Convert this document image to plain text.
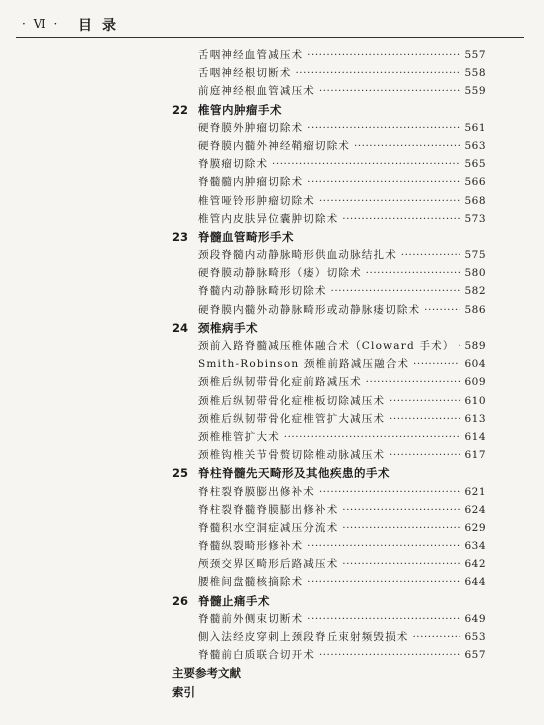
· Ⅵ · 目录
舌咽神经血管减压术 ·····	557
舌咽神经根切断术 ·····	558
前庭神经根血管减压术 ·····	559
22 椎管内肿瘤手术
硬脊膜外肿瘤切除术 ·····	561
硬脊膜内髓外神经鞘瘤切除术 ·····	563
脊膜瘤切除术 ·····	565
脊髓髓内肿瘤切除术 ·····	566
椎管哑铃形肿瘤切除术 ·····	568
椎管内皮肤异位囊肿切除术 ·····	573
23 脊髓血管畸形手术
颈段脊髓内动静脉畸形供血动脉结扎术 ·····	575
硬脊膜动静脉畸形（瘘）切除术 ·····	580
脊髓内动静脉畸形切除术 ·····	582
硬脊膜内髓外动静脉畸形或动静脉瘘切除术 ·····	586
24 颈椎病手术
颈前入路脊髓减压椎体融合术（Cloward 手术） ····· 589
Smith-Robinson 颈椎前路减压融合术 ·····	604
颈椎后纵韧带骨化症前路减压术 ·····	609
颈椎后纵韧带骨化症椎板切除减压术 ·····	610
颈椎后纵韧带骨化症椎管扩大减压术 ·····	613
颈椎椎管扩大术 ·····	614
颈椎钩椎关节骨赘切除椎动脉减压术 ·····	617
25 脊柱脊髓先天畸形及其他疾患的手术
脊柱裂脊膜膨出修补术 ·····	621
脊柱裂脊髓脊膜膨出修补术 ·····	624
脊髓积水空洞症减压分流术 ·····	629
脊髓纵裂畸形修补术 ·····	634
颅颈交界区畸形后路减压术 ·····	642
腰椎间盘髓核摘除术 ·····	644
26 脊髓止痛手术
脊髓前外侧束切断术 ·····	649
側入法经皮穿刺上颈段脊丘束射频毁损术 ·····	653
脊髓前白质联合切开术 ·····	657
主要参考文献
索引
